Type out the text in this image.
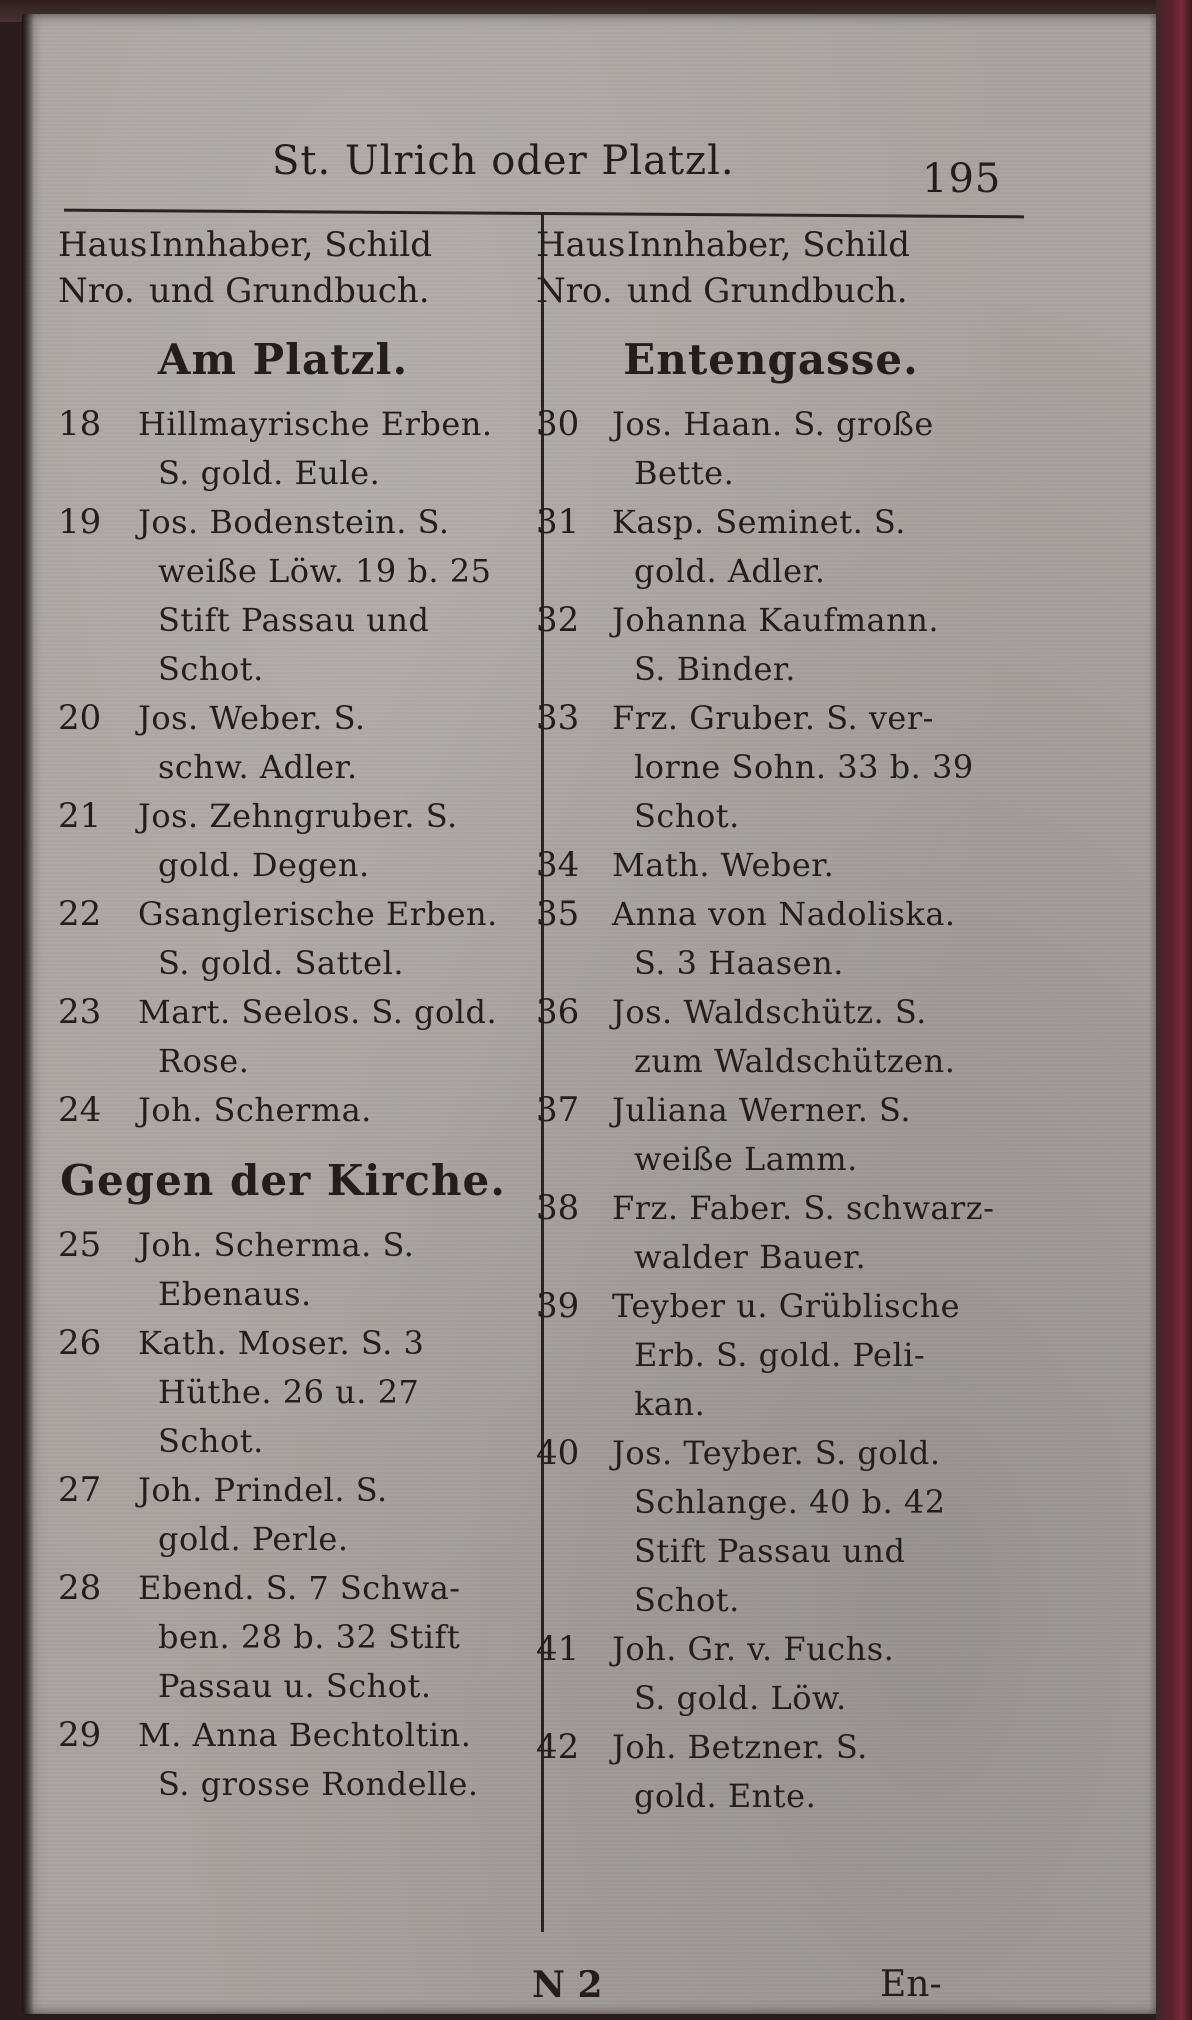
St. Ulrich oder Platzl.	195
Haus Innhaber, Schild
Nro. und Grundbuch.
Am Platzl.
18	Hillmayrische Erben.
S. gold. Eule.
19	Jos. Bodenstein. S.
weiße Löw. 19 b. 25
Stift Passau und
Schot.
20	Jos. Weber. S.
schw. Adler.
21	Jos. Zehngruber. S.
gold. Degen.
22	Gsanglerische Erben.
S. gold. Sattel.
23	Mart. Seelos. S. gold.
Rose.
24	Joh. Scherma.
Gegen der Kirche.
25	Joh. Scherma. S.
Ebenaus.
26	Kath. Moser. S. 3
Hüthe. 26 u. 27
Schot.
27	Joh. Prindel. S.
gold. Perle.
28	Ebend. S. 7 Schwa-
ben. 28 b. 32 Stift
Passau u. Schot.
29	M. Anna Bechtoltin.
S. grosse Rondelle.
Haus Innhaber, Schild
Nro. und Grundbuch.
Entengasse.
30	Jos. Haan. S. große
Bette.
31	Kasp. Seminet. S.
gold. Adler.
32	Johanna Kaufmann.
S. Binder.
33	Frz. Gruber. S. ver-
lorne Sohn. 33 b. 39
Schot.
34	Math. Weber.
35	Anna von Nadoliska.
S. 3 Haasen.
36	Jos. Waldschütz. S.
zum Waldschützen.
37	Juliana Werner. S.
weiße Lamm.
38	Frz. Faber. S. schwarz-
walder Bauer.
39	Teyber u. Grüblische
Erb. S. gold. Peli-
kan.
40	Jos. Teyber. S. gold.
Schlange. 40 b. 42
Stift Passau und
Schot.
41	Joh. Gr. v. Fuchs.
S. gold. Löw.
42	Joh. Betzner. S.
gold. Ente.
N 2	En-
